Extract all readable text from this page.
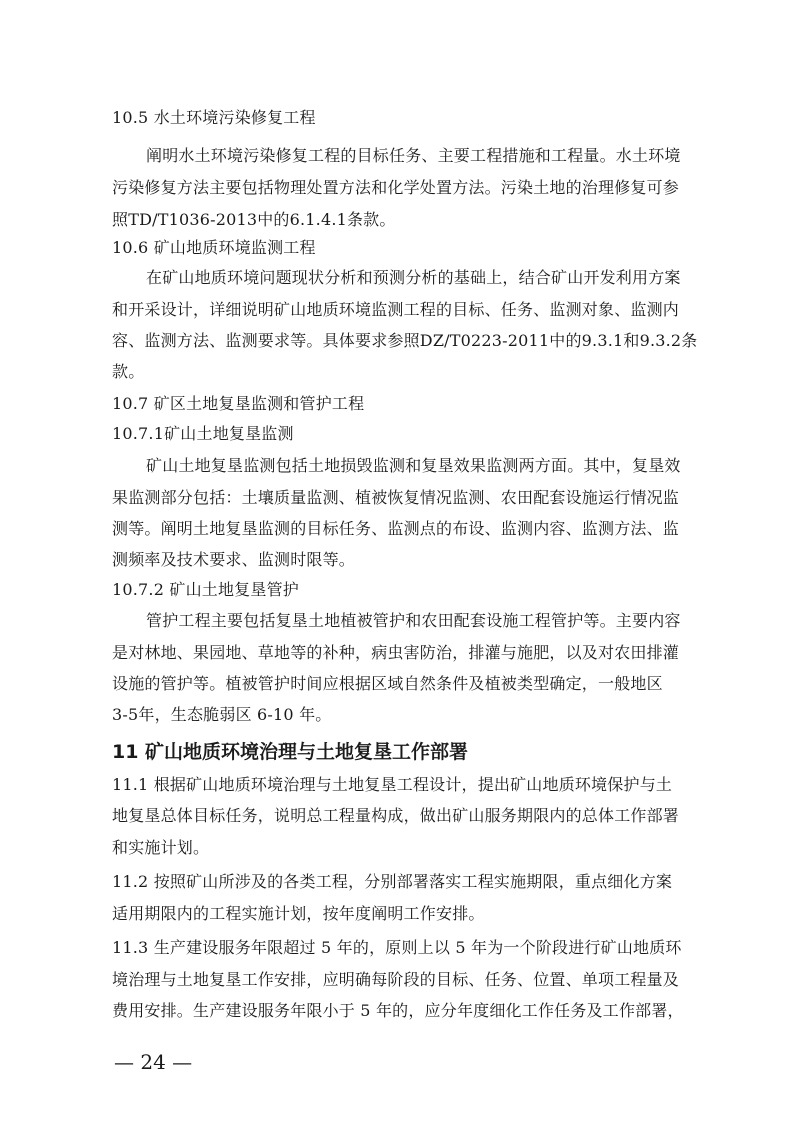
10.5 水土环境污染修复工程
阐明水土环境污染修复工程的目标任务、主要工程措施和工程量。水土环境
污染修复方法主要包括物理处置方法和化学处置方法。污染土地的治理修复可参
照TD/T1036-2013中的6.1.4.1条款。
10.6 矿山地质环境监测工程
在矿山地质环境问题现状分析和预测分析的基础上，结合矿山开发利用方案
和开采设计，详细说明矿山地质环境监测工程的目标、任务、监测对象、监测内
容、监测方法、监测要求等。具体要求参照DZ/T0223-2011中的9.3.1和9.3.2条
款。
10.7 矿区土地复垦监测和管护工程
10.7.1矿山土地复垦监测
矿山土地复垦监测包括土地损毁监测和复垦效果监测两方面。其中，复垦效
果监测部分包括：土壤质量监测、植被恢复情况监测、农田配套设施运行情况监
测等。阐明土地复垦监测的目标任务、监测点的布设、监测内容、监测方法、监
测频率及技术要求、监测时限等。
10.7.2 矿山土地复垦管护
管护工程主要包括复垦土地植被管护和农田配套设施工程管护等。主要内容
是对林地、果园地、草地等的补种，病虫害防治，排灌与施肥，以及对农田排灌
设施的管护等。植被管护时间应根据区域自然条件及植被类型确定，一般地区
3-5年，生态脆弱区 6-10 年。
11.1 根据矿山地质环境治理与土地复垦工程设计，提出矿山地质环境保护与土
地复垦总体目标任务，说明总工程量构成，做出矿山服务期限内的总体工作部署
和实施计划。
11.2 按照矿山所涉及的各类工程，分别部署落实工程实施期限，重点细化方案
适用期限内的工程实施计划，按年度阐明工作安排。
11.3 生产建设服务年限超过 5 年的，原则上以 5 年为一个阶段进行矿山地质环
境治理与土地复垦工作安排，应明确每阶段的目标、任务、位置、单项工程量及
费用安排。生产建设服务年限小于 5 年的，应分年度细化工作任务及工作部署，
11 矿山地质环境治理与土地复垦工作部署
— 24 —
